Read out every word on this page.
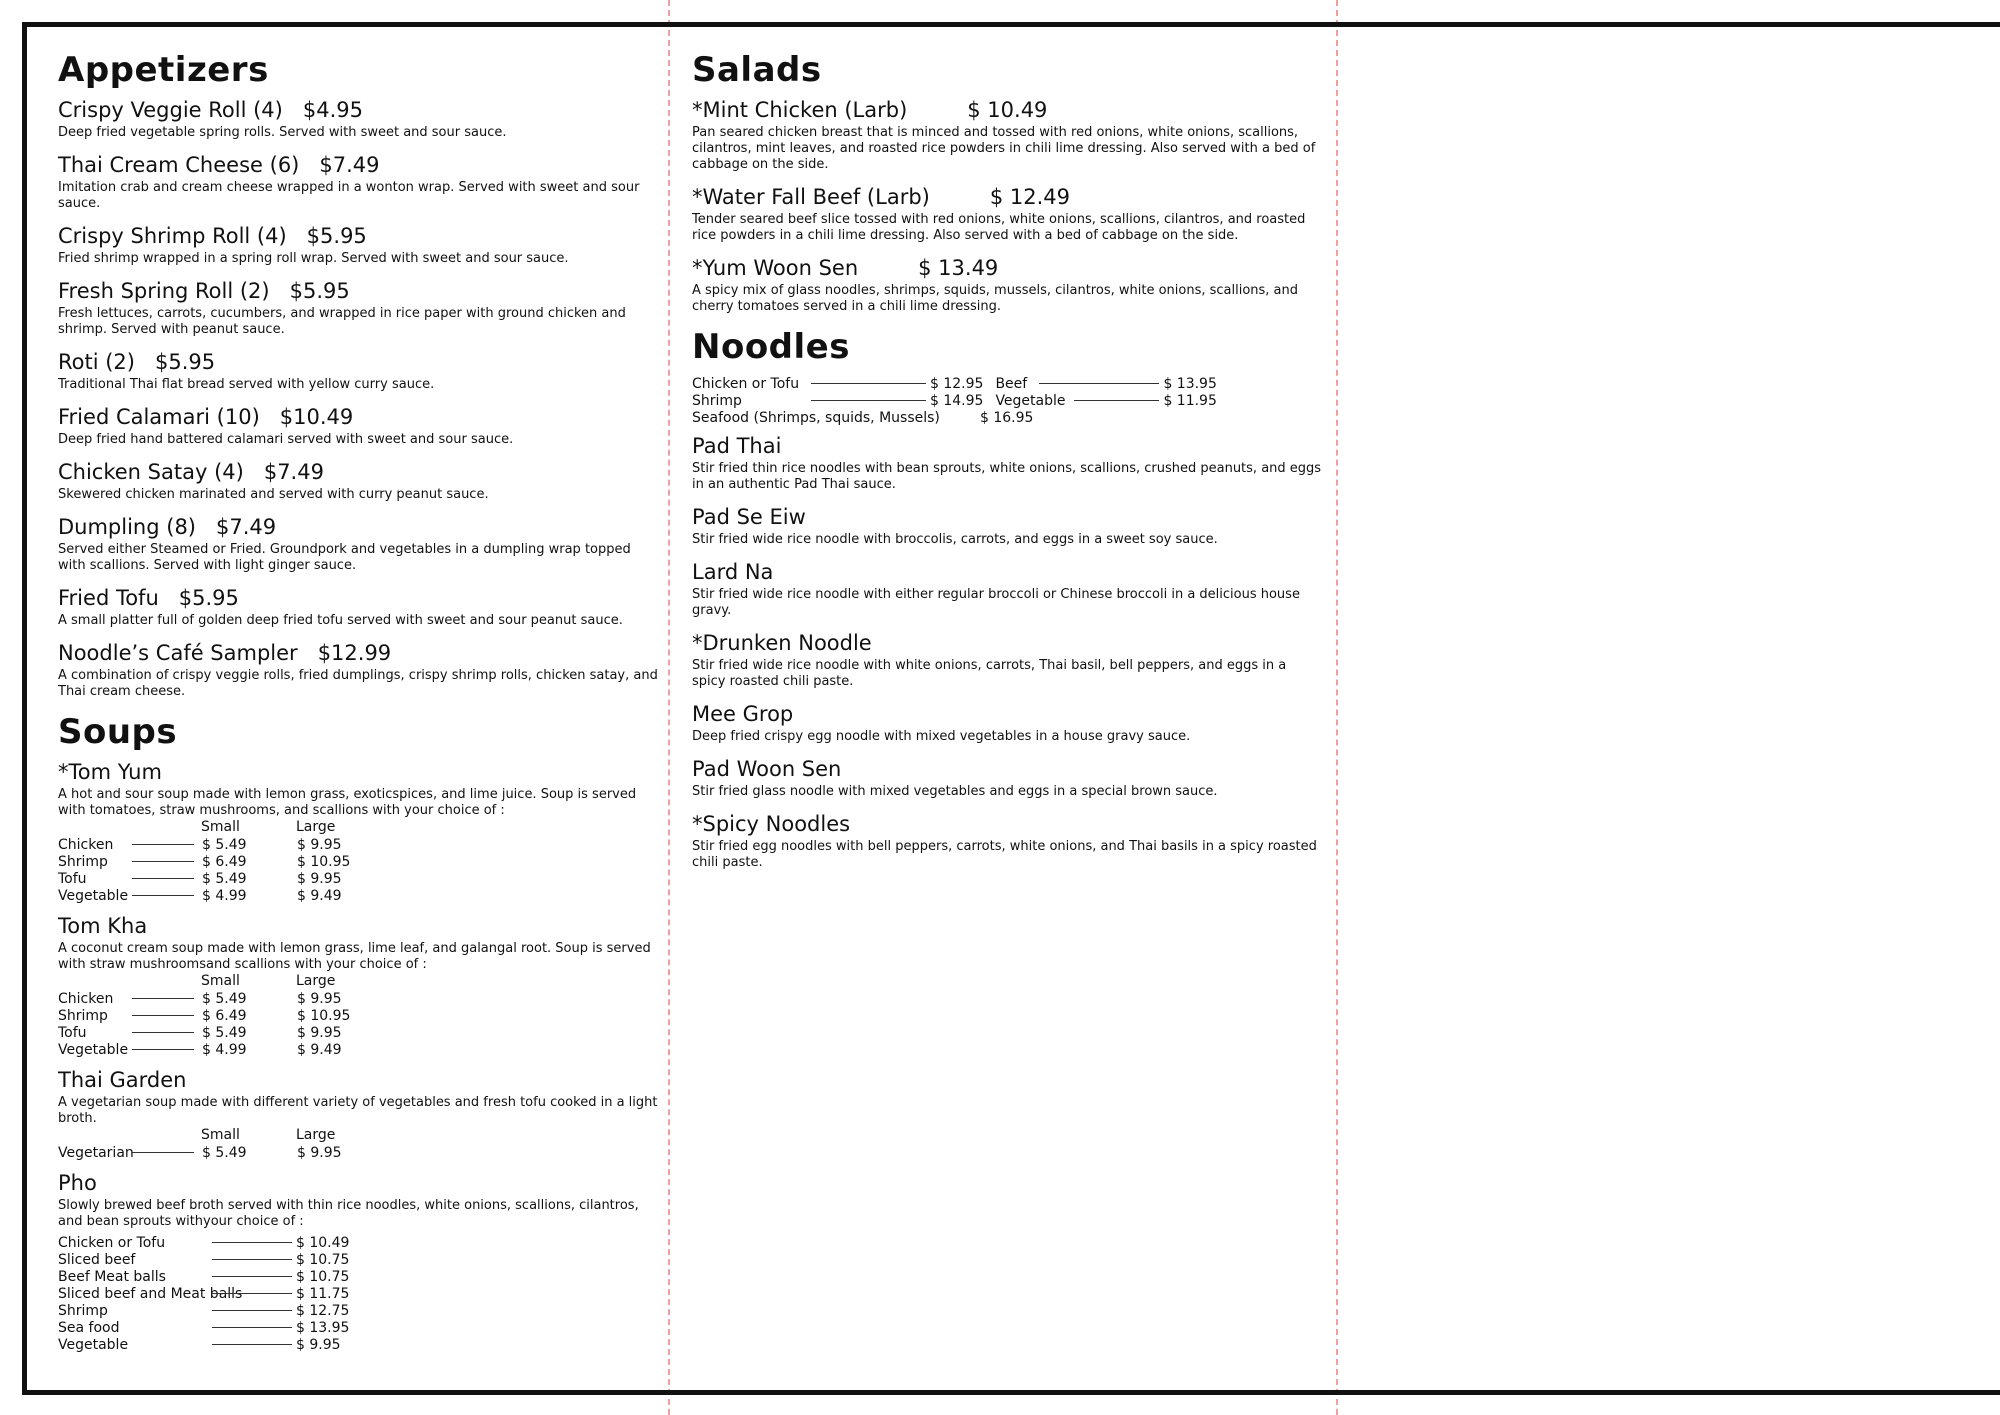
Appetizers
Crispy Veggie Roll (4) $4.95
Deep fried vegetable spring rolls. Served with sweet and sour sauce.
Thai Cream Cheese (6) $7.49
Imitation crab and cream cheese wrapped in a wonton wrap. Served with sweet and sour sauce.
Crispy Shrimp Roll (4) $5.95
Fried shrimp wrapped in a spring roll wrap. Served with sweet and sour sauce.
Fresh Spring Roll (2) $5.95
Fresh lettuces, carrots, cucumbers, and wrapped in rice paper with ground chicken and shrimp. Served with peanut sauce.
Roti (2) $5.95
Traditional Thai flat bread served with yellow curry sauce.
Fried Calamari (10) $10.49
Deep fried hand battered calamari served with sweet and sour sauce.
Chicken Satay (4) $7.49
Skewered chicken marinated and served with curry peanut sauce.
Dumpling (8) $7.49
Served either Steamed or Fried. Groundpork and vegetables in a dumpling wrap topped with scallions. Served with light ginger sauce.
Fried Tofu $5.95
A small platter full of golden deep fried tofu served with sweet and sour peanut sauce.
Noodle’s Café Sampler $12.99
A combination of crispy veggie rolls, fried dumplings, crispy shrimp rolls, chicken satay, and Thai cream cheese.
Soups
*Tom Yum
A hot and sour soup made with lemon grass, exoticspices, and lime juice. Soup is served with tomatoes, straw mushrooms, and scallions with your choice of :
Small	Large
Chicken	$ 5.49	$ 9.95
Shrimp	$ 6.49	$ 10.95
Tofu	$ 5.49	$ 9.95
Vegetable	$ 4.99	$ 9.49
Tom Kha
A coconut cream soup made with lemon grass, lime leaf, and galangal root. Soup is served with straw mushroomsand scallions with your choice of :
Small	Large
Chicken	$ 5.49	$ 9.95
Shrimp	$ 6.49	$ 10.95
Tofu	$ 5.49	$ 9.95
Vegetable	$ 4.99	$ 9.49
Thai Garden
A vegetarian soup made with different variety of vegetables and fresh tofu cooked in a light broth.
Small	Large
Vegetarian	$ 5.49	$ 9.95
Pho
Slowly brewed beef broth served with thin rice noodles, white onions, scallions, cilantros, and bean sprouts withyour choice of :
Chicken or Tofu	$ 10.49
Sliced beef	$ 10.75
Beef Meat balls	$ 10.75
Sliced beef and Meat balls	$ 11.75
Shrimp	$ 12.75
Sea food	$ 13.95
Vegetable	$ 9.95
Salads
*Mint Chicken (Larb)	$ 10.49
Pan seared chicken breast that is minced and tossed with red onions, white onions, scallions, cilantros, mint leaves, and roasted rice powders in chili lime dressing. Also served with a bed of cabbage on the side.
*Water Fall Beef (Larb)	$ 12.49
Tender seared beef slice tossed with red onions, white onions, scallions, cilantros, and roasted rice powders in a chili lime dressing. Also served with a bed of cabbage on the side.
*Yum Woon Sen	$ 13.49
A spicy mix of glass noodles, shrimps, squids, mussels, cilantros, white onions, scallions, and cherry tomatoes served in a chili lime dressing.
Noodles
Chicken or Tofu	$ 12.95 Beef	$ 13.95
Shrimp	$ 14.95 Vegetable	$ 11.95
Seafood (Shrimps, squids, Mussels)	$ 16.95
Pad Thai
Stir fried thin rice noodles with bean sprouts, white onions, scallions, crushed peanuts, and eggs in an authentic Pad Thai sauce.
Pad Se Eiw
Stir fried wide rice noodle with broccolis, carrots, and eggs in a sweet soy sauce.
Lard Na
Stir fried wide rice noodle with either regular broccoli or Chinese broccoli in a delicious house gravy.
*Drunken Noodle
Stir fried wide rice noodle with white onions, carrots, Thai basil, bell peppers, and eggs in a spicy roasted chili paste.
Mee Grop
Deep fried crispy egg noodle with mixed vegetables in a house gravy sauce.
Pad Woon Sen
Stir fried glass noodle with mixed vegetables and eggs in a special brown sauce.
*Spicy Noodles
Stir fried egg noodles with bell peppers, carrots, white onions, and Thai basils in a spicy roasted chili paste.
